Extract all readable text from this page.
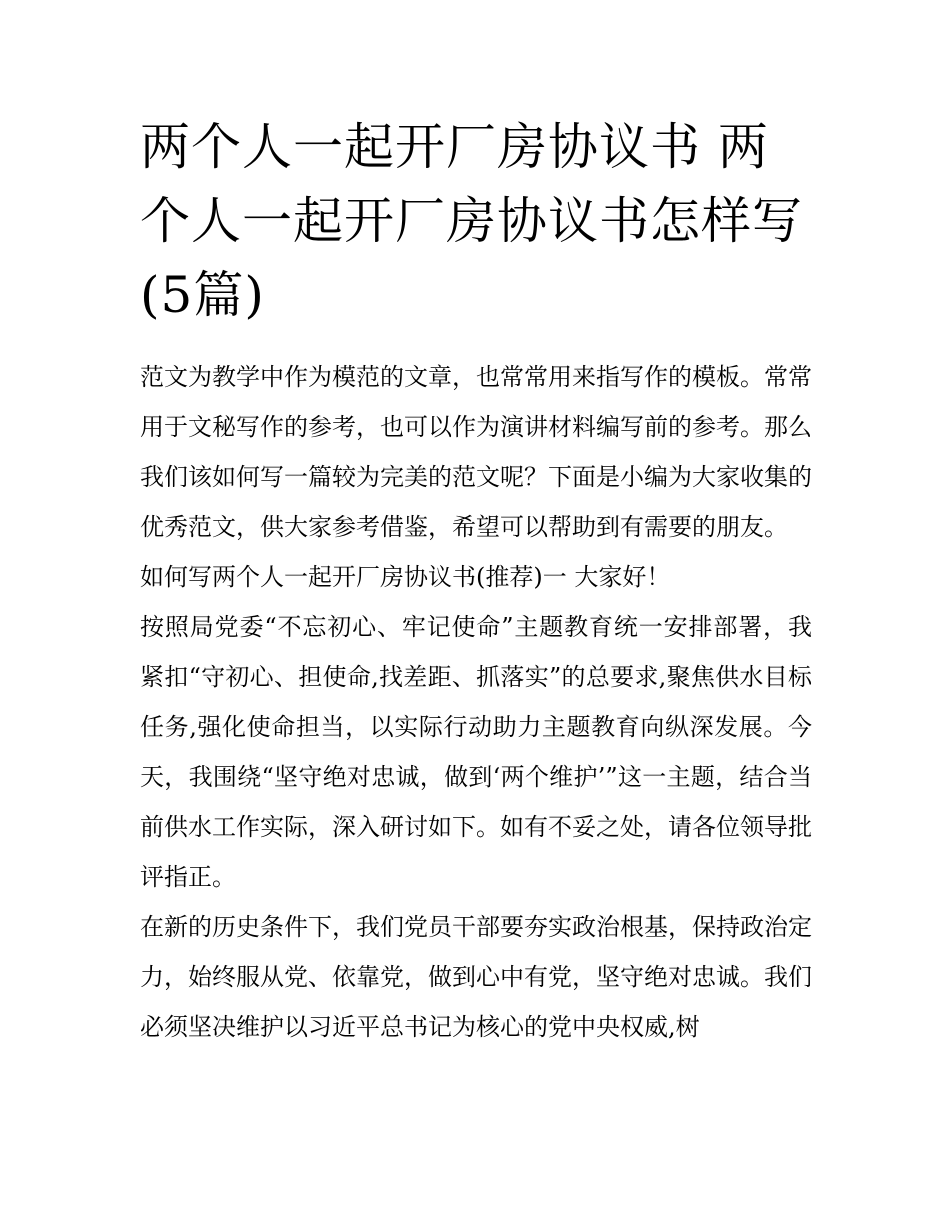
两个人一起开厂房协议书 两个人一起开厂房协议书怎样写(5篇)

范文为教学中作为模范的文章，也常常用来指写作的模板。常常用于文秘写作的参考，也可以作为演讲材料编写前的参考。那么我们该如何写一篇较为完美的范文呢？下面是小编为大家收集的优秀范文，供大家参考借鉴，希望可以帮助到有需要的朋友。

如何写两个人一起开厂房协议书(推荐)一 大家好！

按照局党委“不忘初心、牢记使命”主题教育统一安排部署，我紧扣“守初心、担使命,找差距、抓落实”的总要求,聚焦供水目标任务,强化使命担当，以实际行动助力主题教育向纵深发展。今天，我围绕“坚守绝对忠诚，做到‘两个维护’”这一主题，结合当前供水工作实际，深入研讨如下。如有不妥之处，请各位领导批评指正。

在新的历史条件下，我们党员干部要夯实政治根基，保持政治定力，始终服从党、依靠党，做到心中有党，坚守绝对忠诚。我们必须坚决维护以习近平总书记为核心的党中央权威,树
